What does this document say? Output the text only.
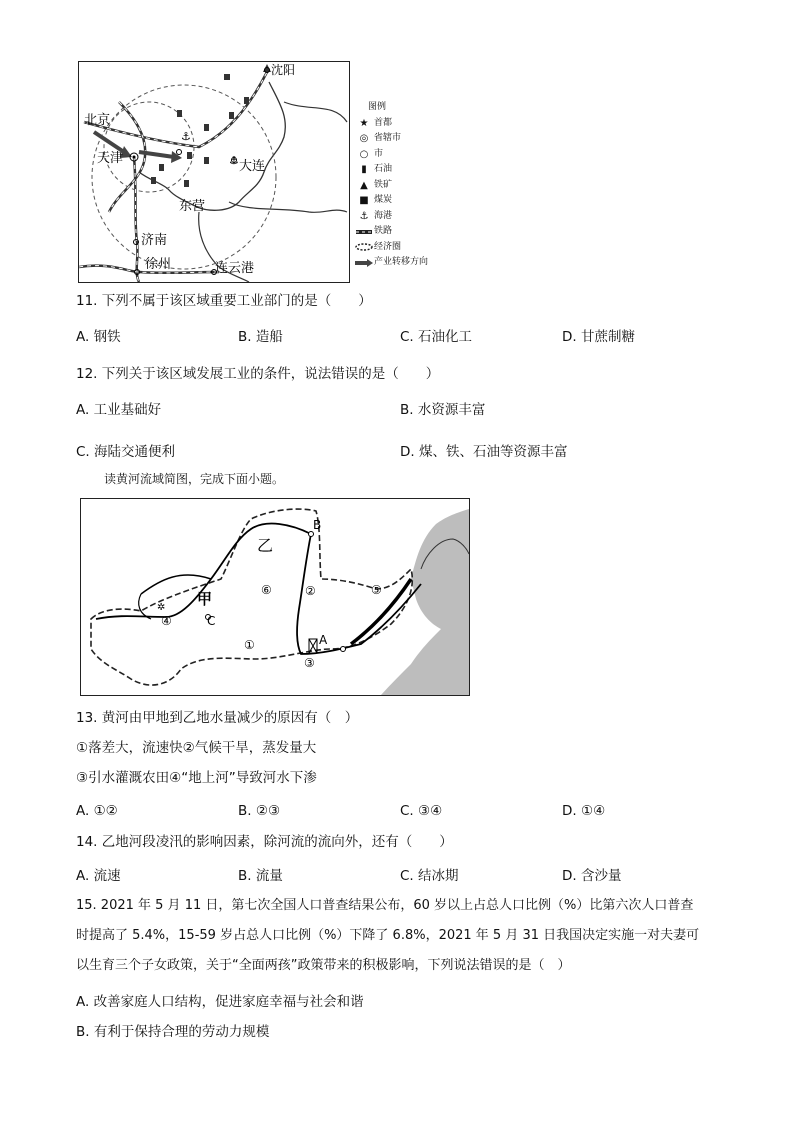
⚓
⚓
沈阳
北京
天津
大连
东营
济南
徐州	连云港
图例
★ 首都
◎ 省辖市
○ 市
▮ 石油
▲ 铁矿
■ 煤炭
⚓ 海港
铁路
经济圈
产业转移方向
11. 下列不属于该区域重要工业部门的是（　　）
A. 钢铁	B. 造船	C. 石油化工	D. 甘蔗制糖
12. 下列关于该区域发展工业的条件，说法错误的是（　　）
A. 工业基础好	B. 水资源丰富
C. 海陆交通便利	D. 煤、铁、石油等资源丰富
读黄河流域简图，完成下面小题。
✲
乙
甲
B
C
A
①
②
③
④
⑤
⑥
13. 黄河由甲地到乙地水量减少的原因有（　）
①落差大，流速快②气候干旱，蒸发量大
③引水灌溉农田④“地上河”导致河水下渗
A. ①②	B. ②③	C. ③④	D. ①④
14. 乙地河段凌汛的影响因素，除河流的流向外，还有（　　）
A. 流速	B. 流量	C. 结冰期	D. 含沙量
15. 2021 年 5 月 11 日，第七次全国人口普查结果公布，60 岁以上占总人口比例（%）比第六次人口普查
时提高了 5.4%，15-59 岁占总人口比例（%）下降了 6.8%，2021 年 5 月 31 日我国决定实施一对夫妻可
以生育三个子女政策，关于“全面两孩”政策带来的积极影响，下列说法错误的是（　）
A. 改善家庭人口结构，促进家庭幸福与社会和谐
B. 有利于保持合理的劳动力规模
